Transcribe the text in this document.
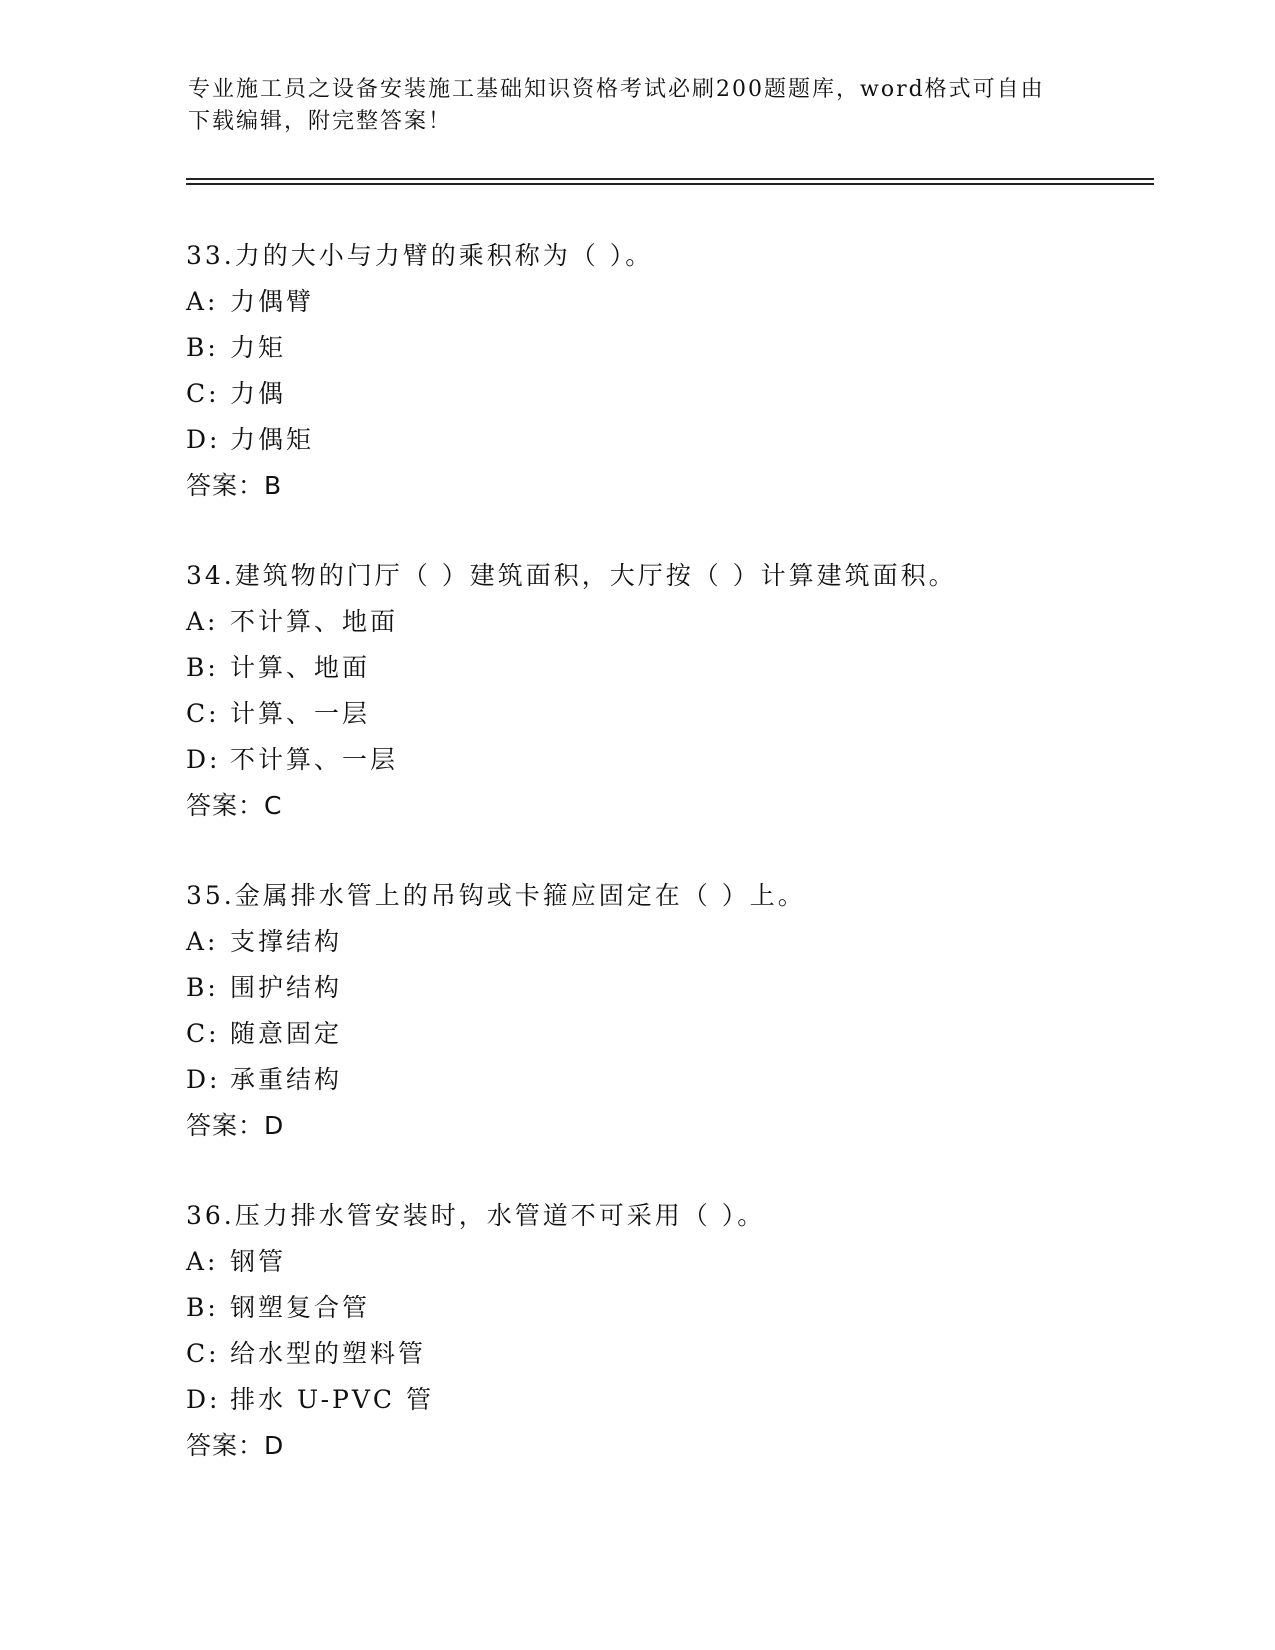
专业施工员之设备安装施工基础知识资格考试必刷200题题库，word格式可自由
下载编辑，附完整答案！
33.力的大小与力臂的乘积称为（ ）。
A: 力偶臂
B: 力矩
C: 力偶
D: 力偶矩
答案：B
34.建筑物的门厅（ ）建筑面积，大厅按（ ）计算建筑面积。
A: 不计算、地面
B: 计算、地面
C: 计算、一层
D: 不计算、一层
答案：C
35.金属排水管上的吊钩或卡箍应固定在（ ）上。
A: 支撑结构
B: 围护结构
C: 随意固定
D: 承重结构
答案：D
36.压力排水管安装时，水管道不可采用（ ）。
A: 钢管
B: 钢塑复合管
C: 给水型的塑料管
D: 排水 U-PVC 管
答案：D
